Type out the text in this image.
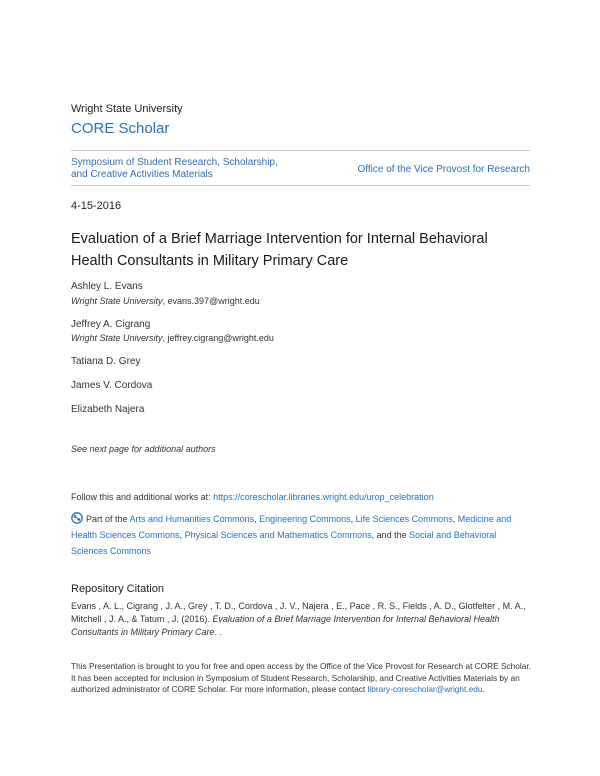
Wright State University
CORE Scholar
Symposium of Student Research, Scholarship,
and Creative Activities Materials	Office of the Vice Provost for Research
4-15-2016
Evaluation of a Brief Marriage Intervention for Internal Behavioral
Health Consultants in Military Primary Care
Ashley L. Evans
Wright State University, evans.397@wright.edu
Jeffrey A. Cigrang
Wright State University, jeffrey.cigrang@wright.edu
Tatiana D. Grey
James V. Cordova
Elizabeth Najera
See next page for additional authors
Follow this and additional works at: https://corescholar.libraries.wright.edu/urop_celebration
Part of the Arts and Humanities Commons, Engineering Commons, Life Sciences Commons, Medicine and Health Sciences Commons, Physical Sciences and Mathematics Commons, and the Social and Behavioral Sciences Commons
Repository Citation
Evans , A. L., Cigrang , J. A., Grey , T. D., Cordova , J. V., Najera , E., Pace , R. S., Fields , A. D., Glotfelter , M. A., Mitchell , J. A., & Tatum , J. (2016). Evaluation of a Brief Marriage Intervention for Internal Behavioral Health Consultants in Military Primary Care. .
This Presentation is brought to you for free and open access by the Office of the Vice Provost for Research at CORE Scholar. It has been accepted for inclusion in Symposium of Student Research, Scholarship, and Creative Activities Materials by an authorized administrator of CORE Scholar. For more information, please contact library-corescholar@wright.edu.
